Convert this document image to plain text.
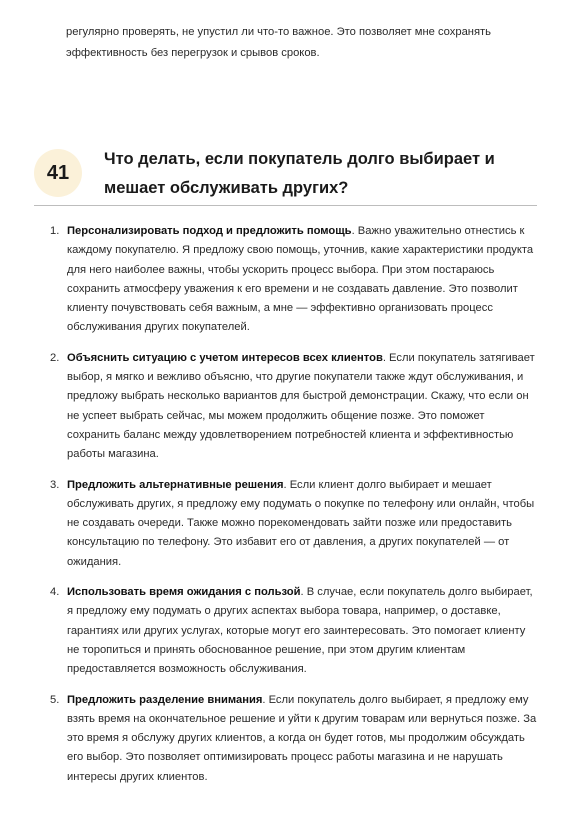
регулярно проверять, не упустил ли что-то важное. Это позволяет мне сохранять эффективность без перегрузок и срывов сроков.
41
Что делать, если покупатель долго выбирает и мешает обслуживать других?
1. Персонализировать подход и предложить помощь. Важно уважительно отнестись к каждому покупателю. Я предложу свою помощь, уточнив, какие характеристики продукта для него наиболее важны, чтобы ускорить процесс выбора. При этом постараюсь сохранить атмосферу уважения к его времени и не создавать давление. Это позволит клиенту почувствовать себя важным, а мне — эффективно организовать процесс обслуживания других покупателей.
2. Объяснить ситуацию с учетом интересов всех клиентов. Если покупатель затягивает выбор, я мягко и вежливо объясню, что другие покупатели также ждут обслуживания, и предложу выбрать несколько вариантов для быстрой демонстрации. Скажу, что если он не успеет выбрать сейчас, мы можем продолжить общение позже. Это поможет сохранить баланс между удовлетворением потребностей клиента и эффективностью работы магазина.
3. Предложить альтернативные решения. Если клиент долго выбирает и мешает обслуживать других, я предложу ему подумать о покупке по телефону или онлайн, чтобы не создавать очереди. Также можно порекомендовать зайти позже или предоставить консультацию по телефону. Это избавит его от давления, а других покупателей — от ожидания.
4. Использовать время ожидания с пользой. В случае, если покупатель долго выбирает, я предложу ему подумать о других аспектах выбора товара, например, о доставке, гарантиях или других услугах, которые могут его заинтересовать. Это помогает клиенту не торопиться и принять обоснованное решение, при этом другим клиентам предоставляется возможность обслуживания.
5. Предложить разделение внимания. Если покупатель долго выбирает, я предложу ему взять время на окончательное решение и уйти к другим товарам или вернуться позже. За это время я обслужу других клиентов, а когда он будет готов, мы продолжим обсуждать его выбор. Это позволяет оптимизировать процесс работы магазина и не нарушать интересы других клиентов.
